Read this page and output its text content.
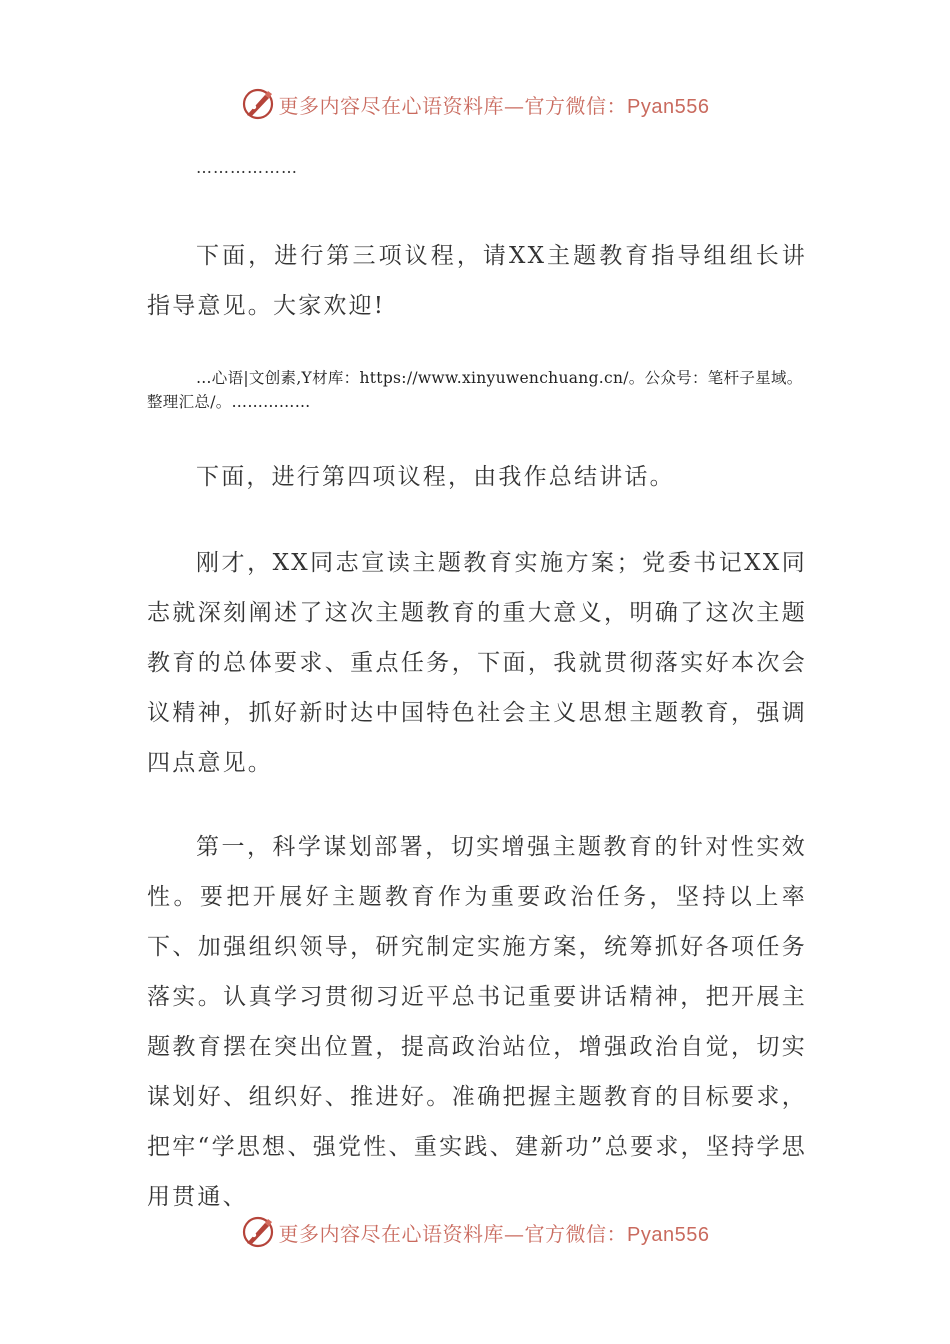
更多内容尽在心语资料库—官方微信：Pyan556
………………

下面，进行第三项议程，请XX主题教育指导组组长讲指导意见。大家欢迎!

…心语|文创素,Y材库：https://www.xinyuwenchuang.cn/。公众号：笔杆子星域。整理汇总/。……………

下面，进行第四项议程，由我作总结讲话。

刚才，XX同志宣读主题教育实施方案；党委书记XX同志就深刻阐述了这次主题教育的重大意义，明确了这次主题教育的总体要求、重点任务，下面，我就贯彻落实好本次会议精神，抓好新时达中国特色社会主义思想主题教育，强调四点意见。

第一，科学谋划部署，切实增强主题教育的针对性实效性。要把开展好主题教育作为重要政治任务，坚持以上率下、加强组织领导，研究制定实施方案，统筹抓好各项任务落实。认真学习贯彻习近平总书记重要讲话精神，把开展主题教育摆在突出位置，提高政治站位，增强政治自觉，切实谋划好、组织好、推进好。准确把握主题教育的目标要求，把牢“学思想、强党性、重实践、建新功”总要求，坚持学思用贯通、

更多内容尽在心语资料库—官方微信：Pyan556
